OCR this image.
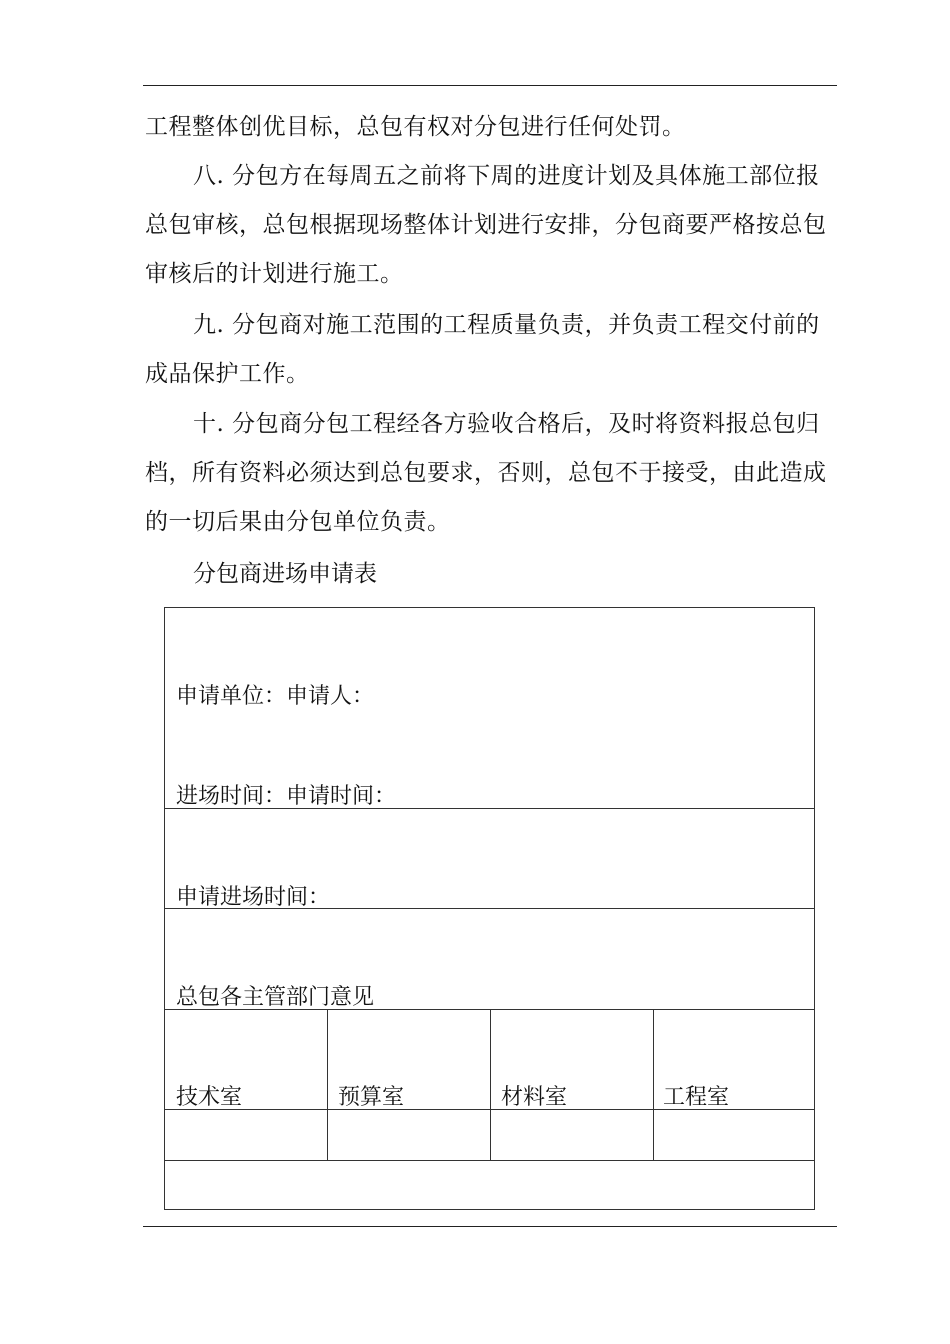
工程整体创优目标，总包有权对分包进行任何处罚。
八. 分包方在每周五之前将下周的进度计划及具体施工部位报
总包审核，总包根据现场整体计划进行安排，分包商要严格按总包
审核后的计划进行施工。
九. 分包商对施工范围的工程质量负责，并负责工程交付前的
成品保护工作。
十. 分包商分包工程经各方验收合格后，及时将资料报总包归
档，所有资料必须达到总包要求，否则，总包不于接受，由此造成
的一切后果由分包单位负责。
分包商进场申请表
申请单位：申请人：
进场时间：申请时间：
申请进场时间：
总包各主管部门意见
技术室	预算室	材料室	工程室
